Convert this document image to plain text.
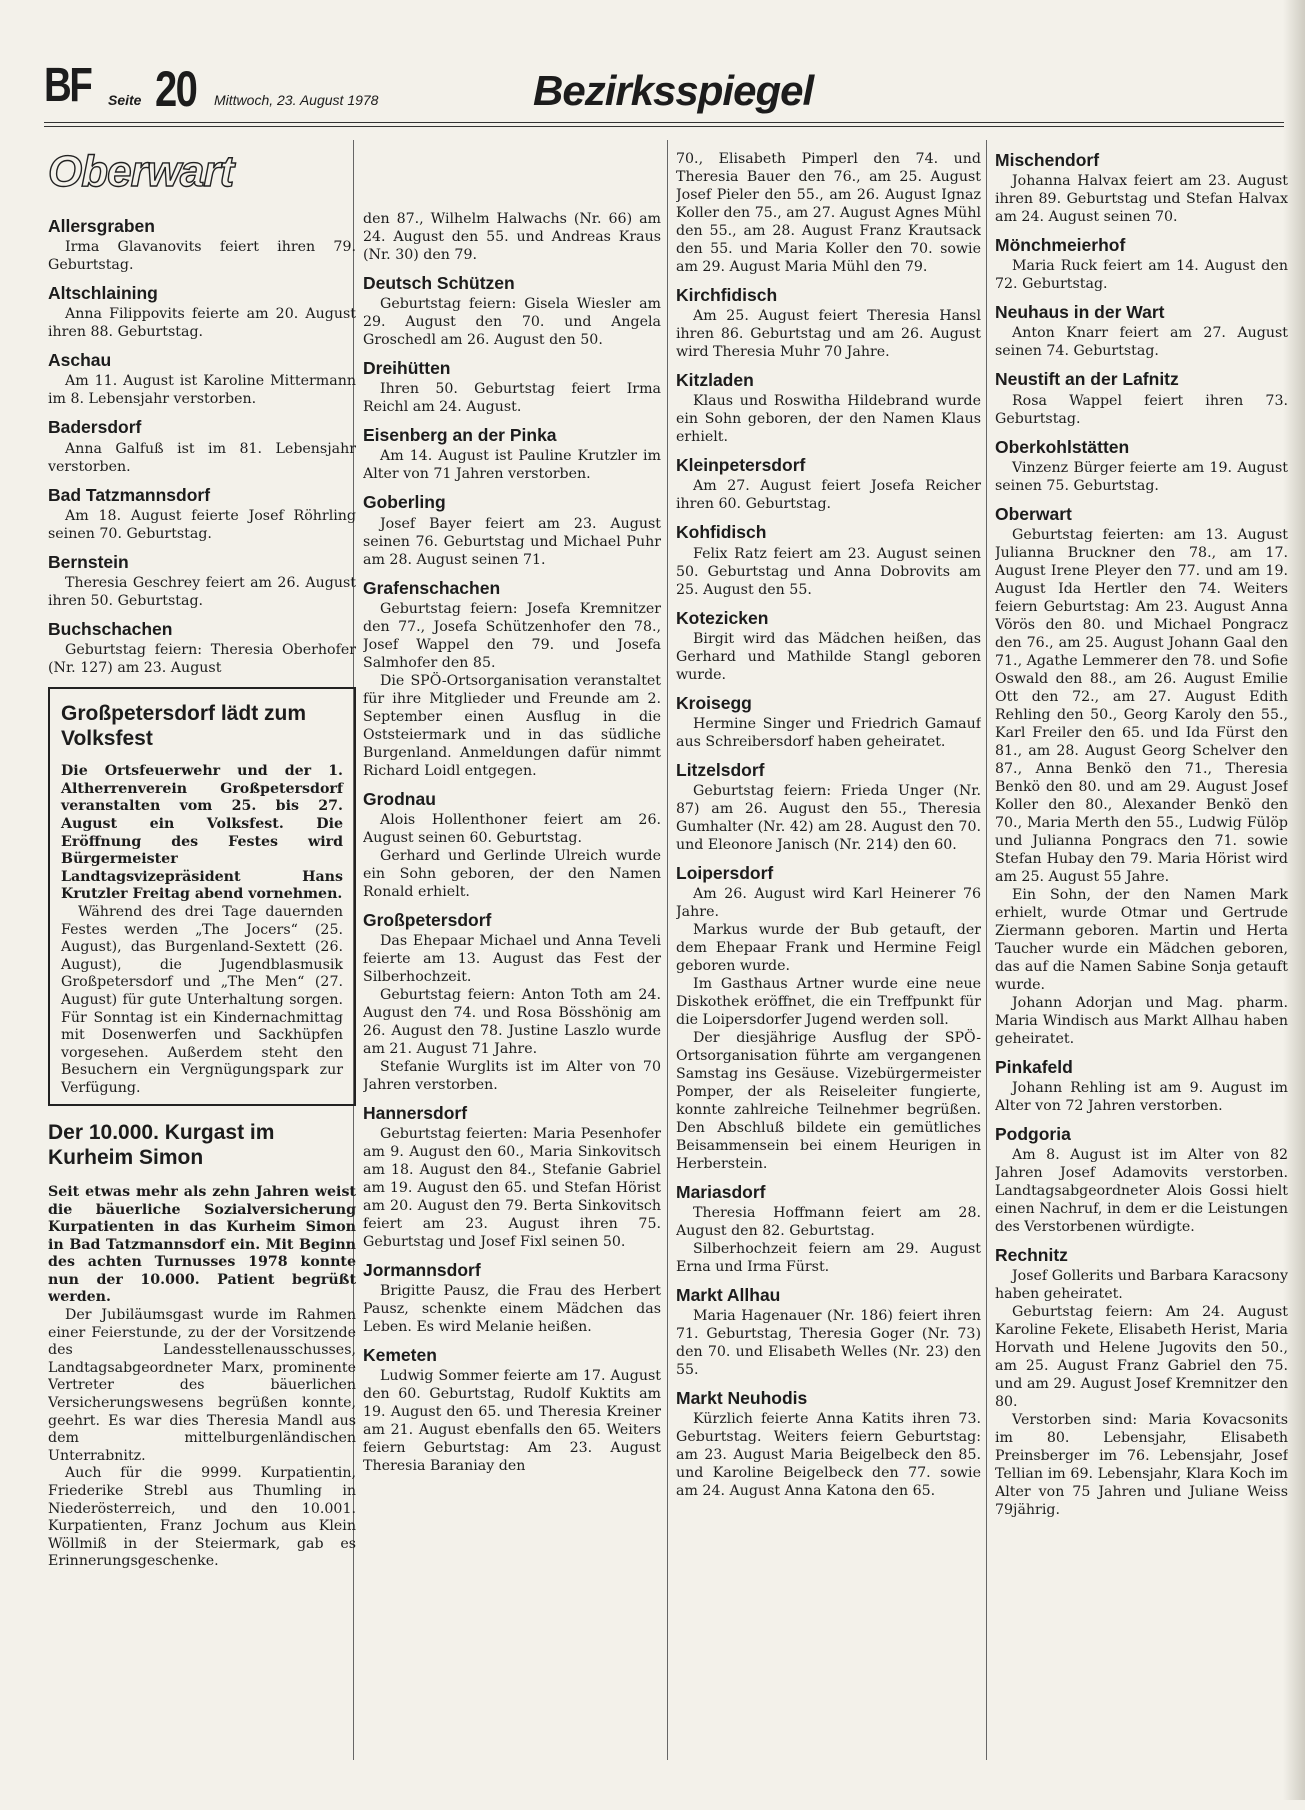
BF Seite 20 Mittwoch, 23. August 1978	Bezirksspiegel
Oberwart
Allersgraben

Irma Glavanovits feiert ihren 79. Geburtstag.

Altschlaining

Anna Filippovits feierte am 20. August ihren 88. Geburtstag.

Aschau

Am 11. August ist Karoline Mittermann im 8. Lebensjahr verstorben.

Badersdorf

Anna Galfuß ist im 81. Lebensjahr verstorben.

Bad Tatzmannsdorf

Am 18. August feierte Josef Röhrling seinen 70. Geburtstag.

Bernstein

Theresia Geschrey feiert am 26. August ihren 50. Geburtstag.

Buchschachen

Geburtstag feiern: Theresia Oberhofer (Nr. 127) am 23. August

Großpetersdorf lädt zum Volksfest

Die Ortsfeuerwehr und der 1. Altherrenverein Großpetersdorf veranstalten vom 25. bis 27. August ein Volksfest. Die Eröffnung des Festes wird Bürgermeister Landtagsvizepräsident Hans Krutzler Freitag abend vornehmen.

Während des drei Tage dauernden Festes werden „The Jocers“ (25. August), das Burgenland-Sextett (26. August), die Jugendblasmusik Großpetersdorf und „The Men“ (27. August) für gute Unterhaltung sorgen. Für Sonntag ist ein Kindernachmittag mit Dosenwerfen und Sackhüpfen vorgesehen. Außerdem steht den Besuchern ein Vergnügungspark zur Verfügung.

Der 10.000. Kurgast im Kurheim Simon

Seit etwas mehr als zehn Jahren weist die bäuerliche Sozialversicherung Kurpatienten in das Kurheim Simon in Bad Tatzmannsdorf ein. Mit Beginn des achten Turnusses 1978 konnte nun der 10.000. Patient begrüßt werden.

Der Jubiläumsgast wurde im Rahmen einer Feierstunde, zu der der Vorsitzende des Landesstellenausschusses, Landtagsabgeordneter Marx, prominente Vertreter des bäuerlichen Versicherungswesens begrüßen konnte, geehrt. Es war dies Theresia Mandl aus dem mittelburgenländischen Unterrabnitz.

Auch für die 9999. Kurpatientin, Friederike Strebl aus Thumling in Niederösterreich, und den 10.001. Kurpatienten, Franz Jochum aus Klein Wöllmiß in der Steiermark, gab es Erinnerungsgeschenke.

den 87., Wilhelm Halwachs (Nr. 66) am 24. August den 55. und Andreas Kraus (Nr. 30) den 79.

Deutsch Schützen

Geburtstag feiern: Gisela Wiesler am 29. August den 70. und Angela Groschedl am 26. August den 50.

Dreihütten

Ihren 50. Geburtstag feiert Irma Reichl am 24. August.

Eisenberg an der Pinka

Am 14. August ist Pauline Krutzler im Alter von 71 Jahren verstorben.

Goberling

Josef Bayer feiert am 23. August seinen 76. Geburtstag und Michael Puhr am 28. August seinen 71.

Grafenschachen

Geburtstag feiern: Josefa Kremnitzer den 77., Josefa Schützenhofer den 78., Josef Wappel den 79. und Josefa Salmhofer den 85.

Die SPÖ-Ortsorganisation veranstaltet für ihre Mitglieder und Freunde am 2. September einen Ausflug in die Oststeiermark und in das südliche Burgenland. Anmeldungen dafür nimmt Richard Loidl entgegen.

Grodnau

Alois Hollenthoner feiert am 26. August seinen 60. Geburtstag.

Gerhard und Gerlinde Ulreich wurde ein Sohn geboren, der den Namen Ronald erhielt.

Großpetersdorf

Das Ehepaar Michael und Anna Teveli feierte am 13. August das Fest der Silberhochzeit.

Geburtstag feiern: Anton Toth am 24. August den 74. und Rosa Bösshönig am 26. August den 78. Justine Laszlo wurde am 21. August 71 Jahre.

Stefanie Wurglits ist im Alter von 70 Jahren verstorben.

Hannersdorf

Geburtstag feierten: Maria Pesenhofer am 9. August den 60., Maria Sinkovitsch am 18. August den 84., Stefanie Gabriel am 19. August den 65. und Stefan Hörist am 20. August den 79. Berta Sinkovitsch feiert am 23. August ihren 75. Geburtstag und Josef Fixl seinen 50.

Jormannsdorf

Brigitte Pausz, die Frau des Herbert Pausz, schenkte einem Mädchen das Leben. Es wird Melanie heißen.

Kemeten

Ludwig Sommer feierte am 17. August den 60. Geburtstag, Rudolf Kuktits am 19. August den 65. und Theresia Kreiner am 21. August ebenfalls den 65. Weiters feiern Geburtstag: Am 23. August Theresia Baraniay den

70., Elisabeth Pimperl den 74. und Theresia Bauer den 76., am 25. August Josef Pieler den 55., am 26. August Ignaz Koller den 75., am 27. August Agnes Mühl den 55., am 28. August Franz Krautsack den 55. und Maria Koller den 70. sowie am 29. August Maria Mühl den 79.

Kirchfidisch

Am 25. August feiert Theresia Hansl ihren 86. Geburtstag und am 26. August wird Theresia Muhr 70 Jahre.

Kitzladen

Klaus und Roswitha Hildebrand wurde ein Sohn geboren, der den Namen Klaus erhielt.

Kleinpetersdorf

Am 27. August feiert Josefa Reicher ihren 60. Geburtstag.

Kohfidisch

Felix Ratz feiert am 23. August seinen 50. Geburtstag und Anna Dobrovits am 25. August den 55.

Kotezicken

Birgit wird das Mädchen heißen, das Gerhard und Mathilde Stangl geboren wurde.

Kroisegg

Hermine Singer und Friedrich Gamauf aus Schreibersdorf haben geheiratet.

Litzelsdorf

Geburtstag feiern: Frieda Unger (Nr. 87) am 26. August den 55., Theresia Gumhalter (Nr. 42) am 28. August den 70. und Eleonore Janisch (Nr. 214) den 60.

Loipersdorf

Am 26. August wird Karl Heinerer 76 Jahre.

Markus wurde der Bub getauft, der dem Ehepaar Frank und Hermine Feigl geboren wurde.

Im Gasthaus Artner wurde eine neue Diskothek eröffnet, die ein Treffpunkt für die Loipersdorfer Jugend werden soll.

Der diesjährige Ausflug der SPÖ-Ortsorganisation führte am vergangenen Samstag ins Gesäuse. Vizebürgermeister Pomper, der als Reiseleiter fungierte, konnte zahlreiche Teilnehmer begrüßen. Den Abschluß bildete ein gemütliches Beisammensein bei einem Heurigen in Herberstein.

Mariasdorf

Theresia Hoffmann feiert am 28. August den 82. Geburtstag.

Silberhochzeit feiern am 29. August Erna und Irma Fürst.

Markt Allhau

Maria Hagenauer (Nr. 186) feiert ihren 71. Geburtstag, Theresia Goger (Nr. 73) den 70. und Elisabeth Welles (Nr. 23) den 55.

Markt Neuhodis

Kürzlich feierte Anna Katits ihren 73. Geburtstag. Weiters feiern Geburtstag: am 23. August Maria Beigelbeck den 85. und Karoline Beigelbeck den 77. sowie am 24. August Anna Katona den 65.

Mischendorf

Johanna Halvax feiert am 23. August ihren 89. Geburtstag und Stefan Halvax am 24. August seinen 70.

Mönchmeierhof

Maria Ruck feiert am 14. August den 72. Geburtstag.

Neuhaus in der Wart

Anton Knarr feiert am 27. August seinen 74. Geburtstag.

Neustift an der Lafnitz

Rosa Wappel feiert ihren 73. Geburtstag.

Oberkohlstätten

Vinzenz Bürger feierte am 19. August seinen 75. Geburtstag.

Oberwart

Geburtstag feierten: am 13. August Julianna Bruckner den 78., am 17. August Irene Pleyer den 77. und am 19. August Ida Hertler den 74. Weiters feiern Geburtstag: Am 23. August Anna Vörös den 80. und Michael Pongracz den 76., am 25. August Johann Gaal den 71., Agathe Lemmerer den 78. und Sofie Oswald den 88., am 26. August Emilie Ott den 72., am 27. August Edith Rehling den 50., Georg Karoly den 55., Karl Freiler den 65. und Ida Fürst den 81., am 28. August Georg Schelver den 87., Anna Benkö den 71., Theresia Benkö den 80. und am 29. August Josef Koller den 80., Alexander Benkö den 70., Maria Merth den 55., Ludwig Fülöp und Julianna Pongracs den 71. sowie Stefan Hubay den 79. Maria Hörist wird am 25. August 55 Jahre.

Ein Sohn, der den Namen Mark erhielt, wurde Otmar und Gertrude Ziermann geboren. Martin und Herta Taucher wurde ein Mädchen geboren, das auf die Namen Sabine Sonja getauft wurde.

Johann Adorjan und Mag. pharm. Maria Windisch aus Markt Allhau haben geheiratet.

Pinkafeld

Johann Rehling ist am 9. August im Alter von 72 Jahren verstorben.

Podgoria

Am 8. August ist im Alter von 82 Jahren Josef Adamovits verstorben. Landtagsabgeordneter Alois Gossi hielt einen Nachruf, in dem er die Leistungen des Verstorbenen würdigte.

Rechnitz

Josef Gollerits und Barbara Karacsony haben geheiratet.

Geburtstag feiern: Am 24. August Karoline Fekete, Elisabeth Herist, Maria Horvath und Helene Jugovits den 50., am 25. August Franz Gabriel den 75. und am 29. August Josef Kremnitzer den 80.

Verstorben sind: Maria Kovacsonits im 80. Lebensjahr, Elisabeth Preinsberger im 76. Lebensjahr, Josef Tellian im 69. Lebensjahr, Klara Koch im Alter von 75 Jahren und Juliane Weiss 79jährig.
